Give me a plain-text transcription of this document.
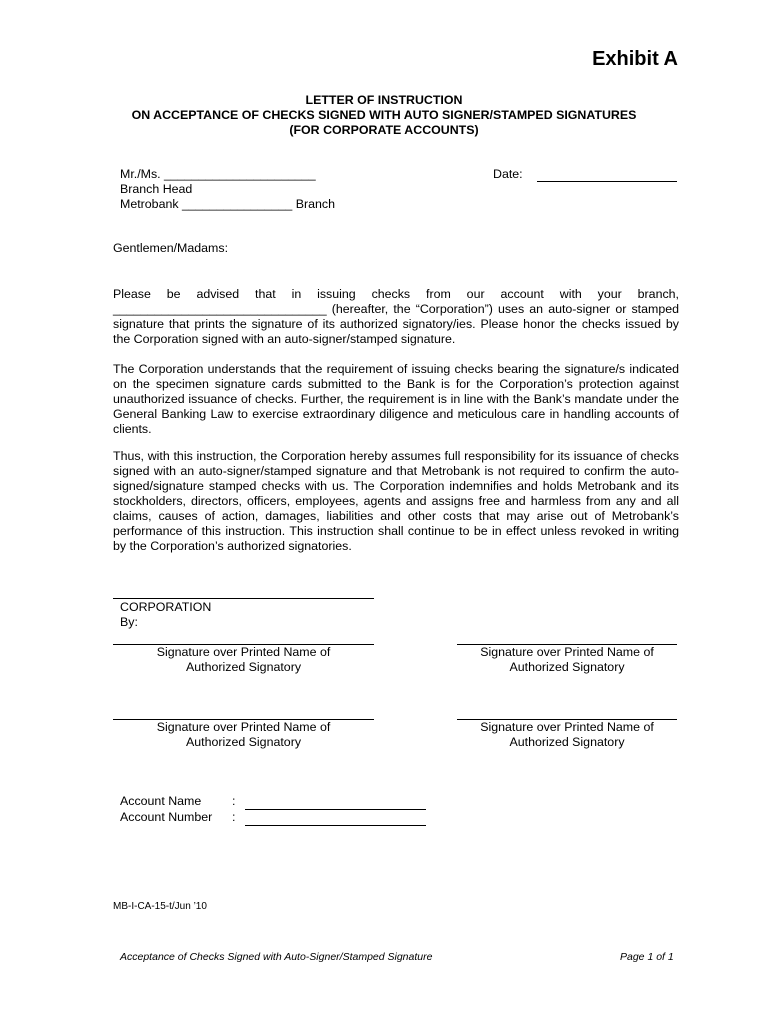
Exhibit A
LETTER OF INSTRUCTION
ON ACCEPTANCE OF CHECKS SIGNED WITH AUTO SIGNER/STAMPED SIGNATURES
(FOR CORPORATE ACCOUNTS)
Mr./Ms. ______________________
Branch Head
Metrobank ________________ Branch
Date:
Gentlemen/Madams:

Please be advised that in issuing checks from our account with your branch,

_______________________________ (hereafter, the “Corporation”) uses an auto-signer or stamped signature that prints the signature of its authorized signatory/ies. Please honor the checks issued by the Corporation signed with an auto-signer/stamped signature.

The Corporation understands that the requirement of issuing checks bearing the signature/s indicated on the specimen signature cards submitted to the Bank is for the Corporation’s protection against unauthorized issuance of checks. Further, the requirement is in line with the Bank’s mandate under the General Banking Law to exercise extraordinary diligence and meticulous care in handling accounts of clients.

Thus, with this instruction, the Corporation hereby assumes full responsibility for its issuance of checks signed with an auto-signer/stamped signature and that Metrobank is not required to confirm the auto-signed/signature stamped checks with us. The Corporation indemnifies and holds Metrobank and its stockholders, directors, officers, employees, agents and assigns free and harmless from any and all claims, causes of action, damages, liabilities and other costs that may arise out of Metrobank’s performance of this instruction. This instruction shall continue to be in effect unless revoked in writing by the Corporation’s authorized signatories.

CORPORATION
By:
Signature over Printed Name of
Authorized Signatory
Signature over Printed Name of
Authorized Signatory
Signature over Printed Name of
Authorized Signatory
Signature over Printed Name of
Authorized Signatory
Account Name :
Account Number :
MB-I-CA-15-t/Jun ’10
Acceptance of Checks Signed with Auto-Signer/Stamped Signature	Page 1 of 1
